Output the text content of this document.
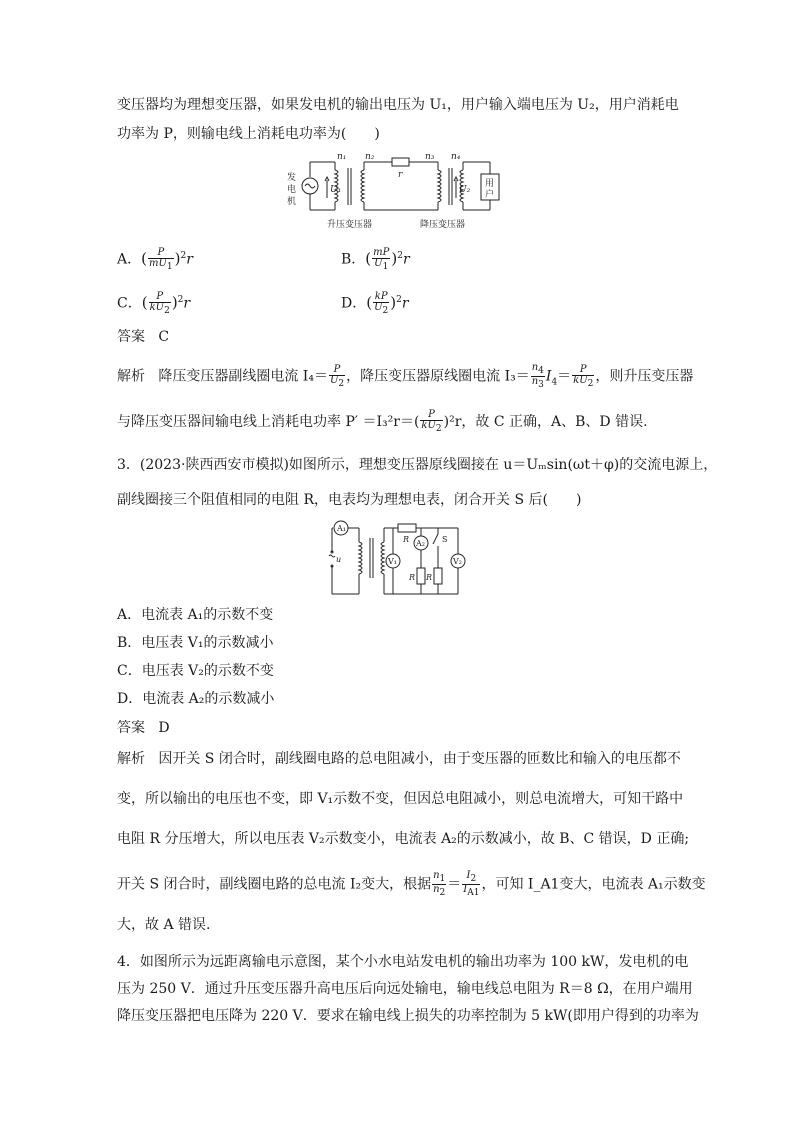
变压器均为理想变压器，如果发电机的输出电压为 U₁，用户输入端电压为 U₂，用户消耗电
功率为 P，则输电线上消耗电功率为(　　)
发
电
机
n₁ n₂
r
n₃ n₄
U₁	U₂
用
户
升压变压器	降压变压器
A．( $\frac{P}{mU_1} )^2r$	B．( $\frac{mP}{U_1} )^2r$
C．( $\frac{P}{kU_2} )^2r$	D．( $\frac{kP}{U_2} )^2r$
答案 C
解析 降压变压器副线圈电流 $I_4= \frac{P}{U_2}$ ，降压变压器原线圈电流 $I_3= \frac{n_4}{n_3} I_4= \frac{P}{kU_2}$ ，则升压变压器
与降压变压器间输电线上消耗电功率 $P' =I_3^2r=( \frac{P}{kU_2} )^2r$，故 C 正确，A、B、D 错误.
3．(2023·陕西西安市模拟)如图所示，理想变压器原线圈接在 u＝Uₘsin(ωt＋φ)的交流电源上，
副线圈接三个阻值相同的电阻 R，电表均为理想电表，闭合开关 S 后(　　)
A₁
u	V₁
R A₂ S
R R
V₂
A．电流表 A₁的示数不变
B．电压表 V₁的示数减小
C．电压表 V₂的示数不变
D．电流表 A₂的示数减小
答案 D
解析 因开关 S 闭合时，副线圈电路的总电阻减小，由于变压器的匝数比和输入的电压都不
变，所以输出的电压也不变，即 V₁示数不变，但因总电阻减小，则总电流增大，可知干路中
电阻 R 分压增大，所以电压表 V₂示数变小，电流表 A₂的示数减小，故 B、C 错误，D 正确;
开关 S 闭合时，副线圈电路的总电流 I₂变大，根据 $\frac{n_1}{n_2} = \frac{I_2}{I_{A1}}$ ，可知 I_A1变大，电流表 A₁示数变
大，故 A 错误.
4．如图所示为远距离输电示意图，某个小水电站发电机的输出功率为 100 kW，发电机的电
压为 250 V．通过升压变压器升高电压后向远处输电，输电线总电阻为 R＝8 Ω，在用户端用
降压变压器把电压降为 220 V．要求在输电线上损失的功率控制为 5 kW(即用户得到的功率为
